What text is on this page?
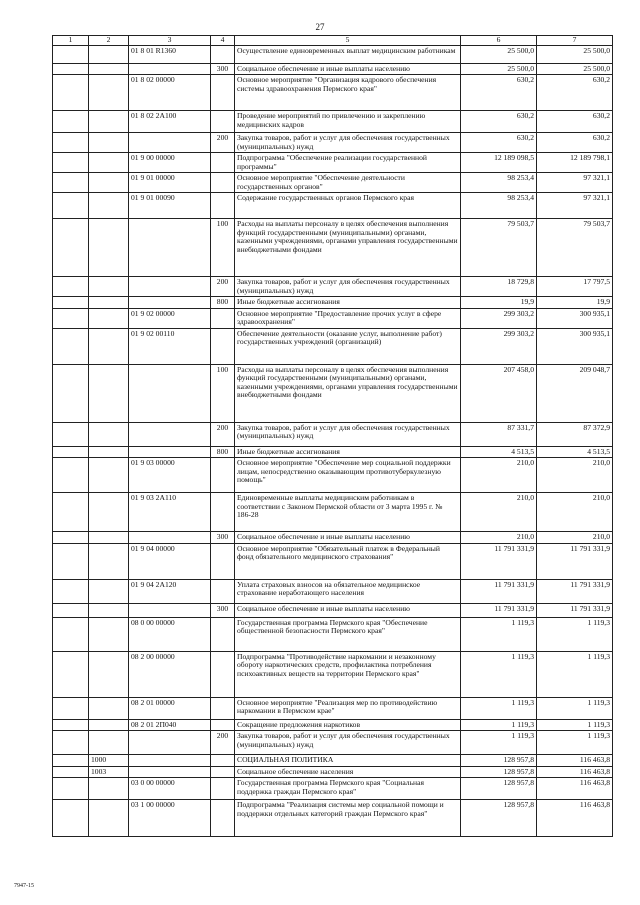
27
1	2	3	4	5	6	7
		01 8 01 R1360		Осуществление единовременных выплат медицинским работникам	25 500,0	25 500,0
			300	Социальное обеспечение и иные выплаты населению	25 500,0	25 500,0
		01 8 02 00000		Основное мероприятие "Организация кадрового обеспечения системы здравоохранения Пермского края"	630,2	630,2
		01 8 02 2А100		Проведение мероприятий по привлечению и закреплению медицинских кадров	630,2	630,2
			200	Закупка товаров, работ и услуг для обеспечения государственных (муниципальных) нужд	630,2	630,2
		01 9 00 00000		Подпрограмма "Обеспечение реализации государственной программы"	12 189 098,5	12 189 798,1
		01 9 01 00000		Основное мероприятие "Обеспечение деятельности государственных органов"	98 253,4	97 321,1
		01 9 01 00090		Содержание государственных органов Пермского края	98 253,4	97 321,1
			100	Расходы на выплаты персоналу в целях обеспечения выполнения функций государственными (муниципальными) органами, казенными учреждениями, органами управления государственными внебюджетными фондами	79 503,7	79 503,7
			200	Закупка товаров, работ и услуг для обеспечения государственных (муниципальных) нужд	18 729,8	17 797,5
			800	Иные бюджетные ассигнования	19,9	19,9
		01 9 02 00000		Основное мероприятие "Предоставление прочих услуг в сфере здравоохранения"	299 303,2	300 935,1
		01 9 02 00110		Обеспечение деятельности (оказание услуг, выполнение работ) государственных учреждений (организаций)	299 303,2	300 935,1
			100	Расходы на выплаты персоналу в целях обеспечения выполнения функций государственными (муниципальными) органами, казенными учреждениями, органами управления государственными внебюджетными фондами	207 458,0	209 048,7
			200	Закупка товаров, работ и услуг для обеспечения государственных (муниципальных) нужд	87 331,7	87 372,9
			800	Иные бюджетные ассигнования	4 513,5	4 513,5
		01 9 03 00000		Основное мероприятие "Обеспечение мер социальной поддержки лицам, непосредственно оказывающим противотуберкулезную помощь"	210,0	210,0
		01 9 03 2А110		Единовременные выплаты медицинским работникам в соответствии с Законом Пермской области от 3 марта 1995 г. № 186-28	210,0	210,0
			300	Социальное обеспечение и иные выплаты населению	210,0	210,0
		01 9 04 00000		Основное мероприятие "Обязательный платеж в Федеральный фонд обязательного медицинского страхования"	11 791 331,9	11 791 331,9
		01 9 04 2А120		Уплата страховых взносов на обязательное медицинское страхование неработающего населения	11 791 331,9	11 791 331,9
			300	Социальное обеспечение и иные выплаты населению	11 791 331,9	11 791 331,9
		08 0 00 00000		Государственная программа Пермского края "Обеспечение общественной безопасности Пермского края"	1 119,3	1 119,3
		08 2 00 00000		Подпрограмма "Противодействие наркомании и незаконному обороту наркотических средств, профилактика потребления психоактивных веществ на территории Пермского края"	1 119,3	1 119,3
		08 2 01 00000		Основное мероприятие "Реализация мер по противодействию наркомании в Пермском крае"	1 119,3	1 119,3
		08 2 01 2П040		Сокращение предложения наркотиков	1 119,3	1 119,3
			200	Закупка товаров, работ и услуг для обеспечения государственных (муниципальных) нужд	1 119,3	1 119,3
	1000			СОЦИАЛЬНАЯ ПОЛИТИКА	128 957,8	116 463,8
	1003			Социальное обеспечение населения	128 957,8	116 463,8
		03 0 00 00000		Государственная программа Пермского края "Социальная поддержка граждан Пермского края"	128 957,8	116 463,8
		03 1 00 00000		Подпрограмма "Реализация системы мер социальной помощи и поддержки отдельных категорий граждан Пермского края"	128 957,8	116 463,8
7947-15
